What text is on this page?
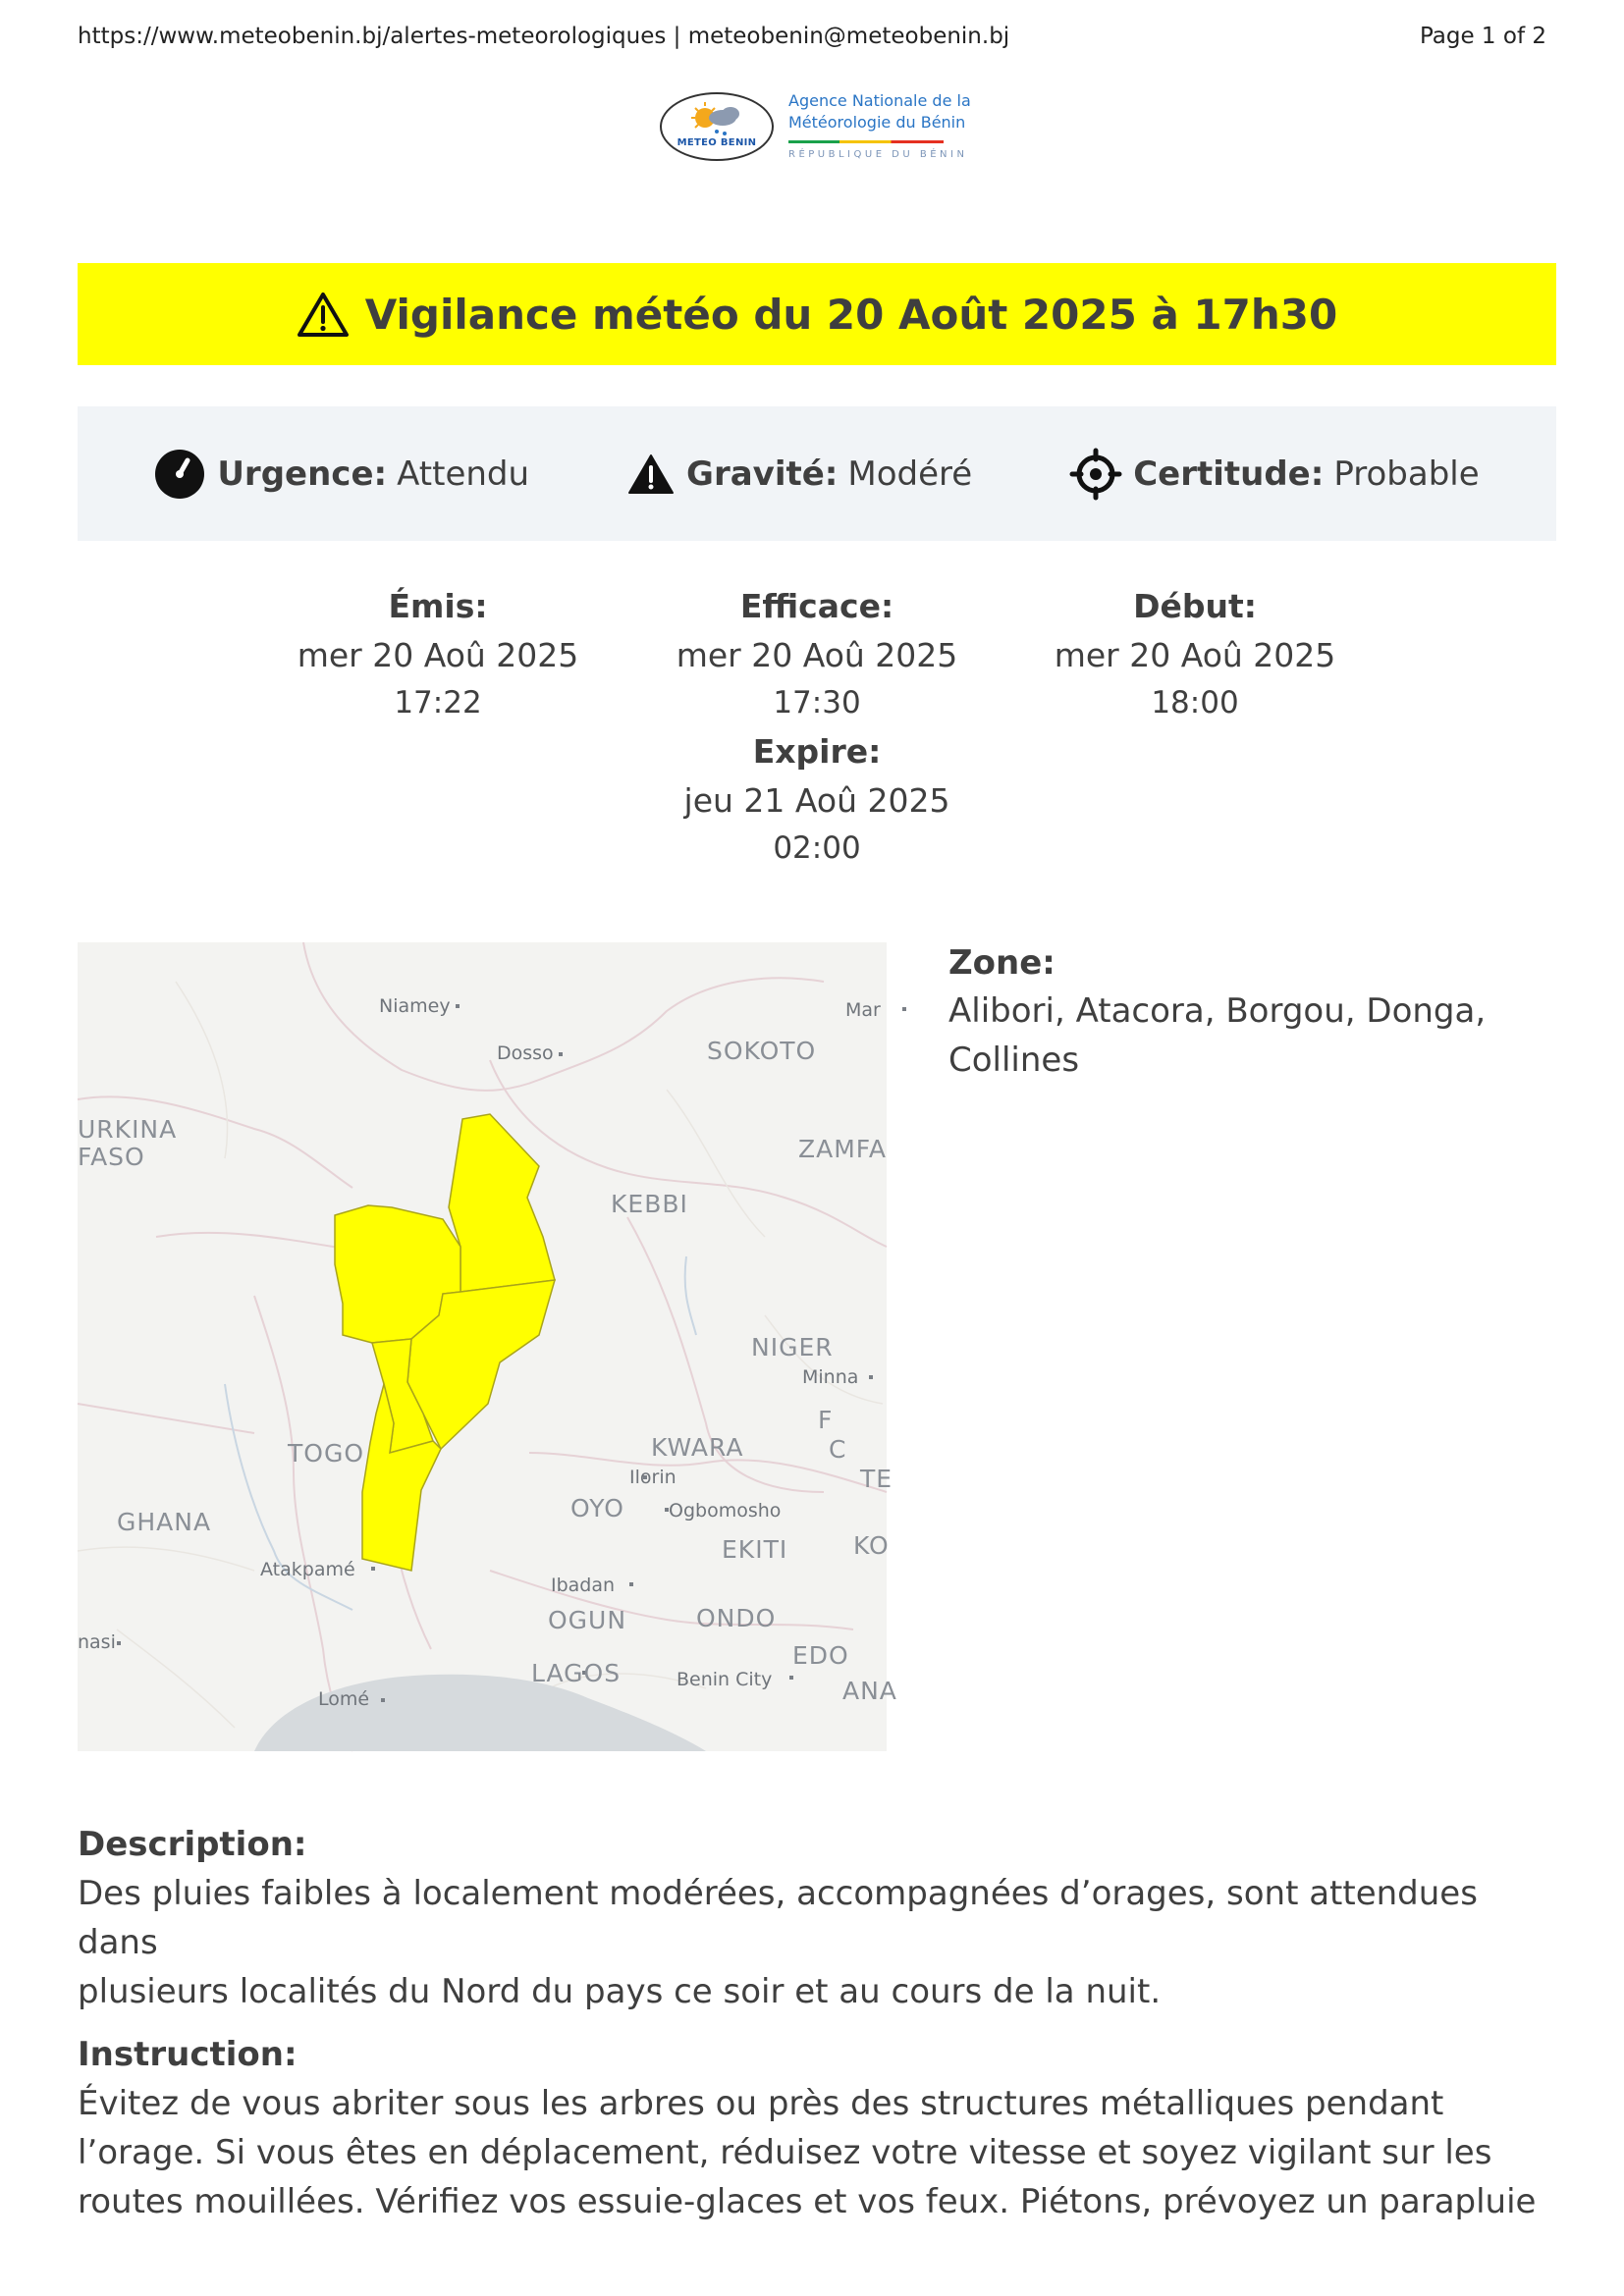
https://www.meteobenin.bj/alertes-meteorologiques | meteobenin@meteobenin.bj	Page 1 of 2
METEO BENIN
Agence Nationale de la
Météorologie du Bénin
RÉPUBLIQUE DU BÉNIN
Vigilance météo du 20 Août 2025 à 17h30
Urgence: Attendu	Gravité: Modéré	Certitude: Probable
Émis:
mer 20 Aoû 2025
17:22
Efficace:
mer 20 Aoû 2025
17:30
Début:
mer 20 Aoû 2025
18:00
Expire:
jeu 21 Aoû 2025
02:00
Niamey
Dosso	SOKOTO
Mar
URKINA
FASO	ZAMFA
KEBBI
NIGER
Minna
F
TOGO	KWARA	C
Ilorin	TE
OYO Ogbomosho
GHANA
EKITI	KO
Atakpamé
Ibadan
OGUN	ONDO
EDO
nasi
LAGOS	Benin City	ANA
Lomé
Zone:
Alibori, Atacora, Borgou, Donga, Collines
Description:
Des pluies faibles à localement modérées, accompagnées d’orages, sont attendues dans
plusieurs localités du Nord du pays ce soir et au cours de la nuit.
Instruction:
Évitez de vous abriter sous les arbres ou près des structures métalliques pendant
l’orage. Si vous êtes en déplacement, réduisez votre vitesse et soyez vigilant sur les
routes mouillées. Vérifiez vos essuie-glaces et vos feux. Piétons, prévoyez un parapluie
